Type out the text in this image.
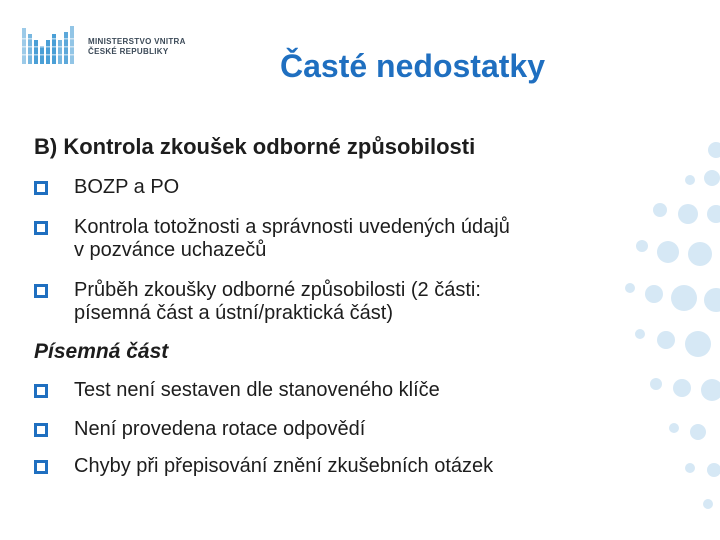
MINISTERSTVO VNITRA
ČESKÉ REPUBLIKY	Časté nedostatky
B) Kontrola zkoušek odborné způsobilosti
BOZP a PO
Kontrola totožnosti a správnosti uvedených údajů
v pozvánce uchazečů
Průběh zkoušky odborné způsobilosti (2 části:
písemná část a ústní/praktická část)
Písemná část
Test není sestaven dle stanoveného klíče
Není provedena rotace odpovědí
Chyby při přepisování znění zkušebních otázek
